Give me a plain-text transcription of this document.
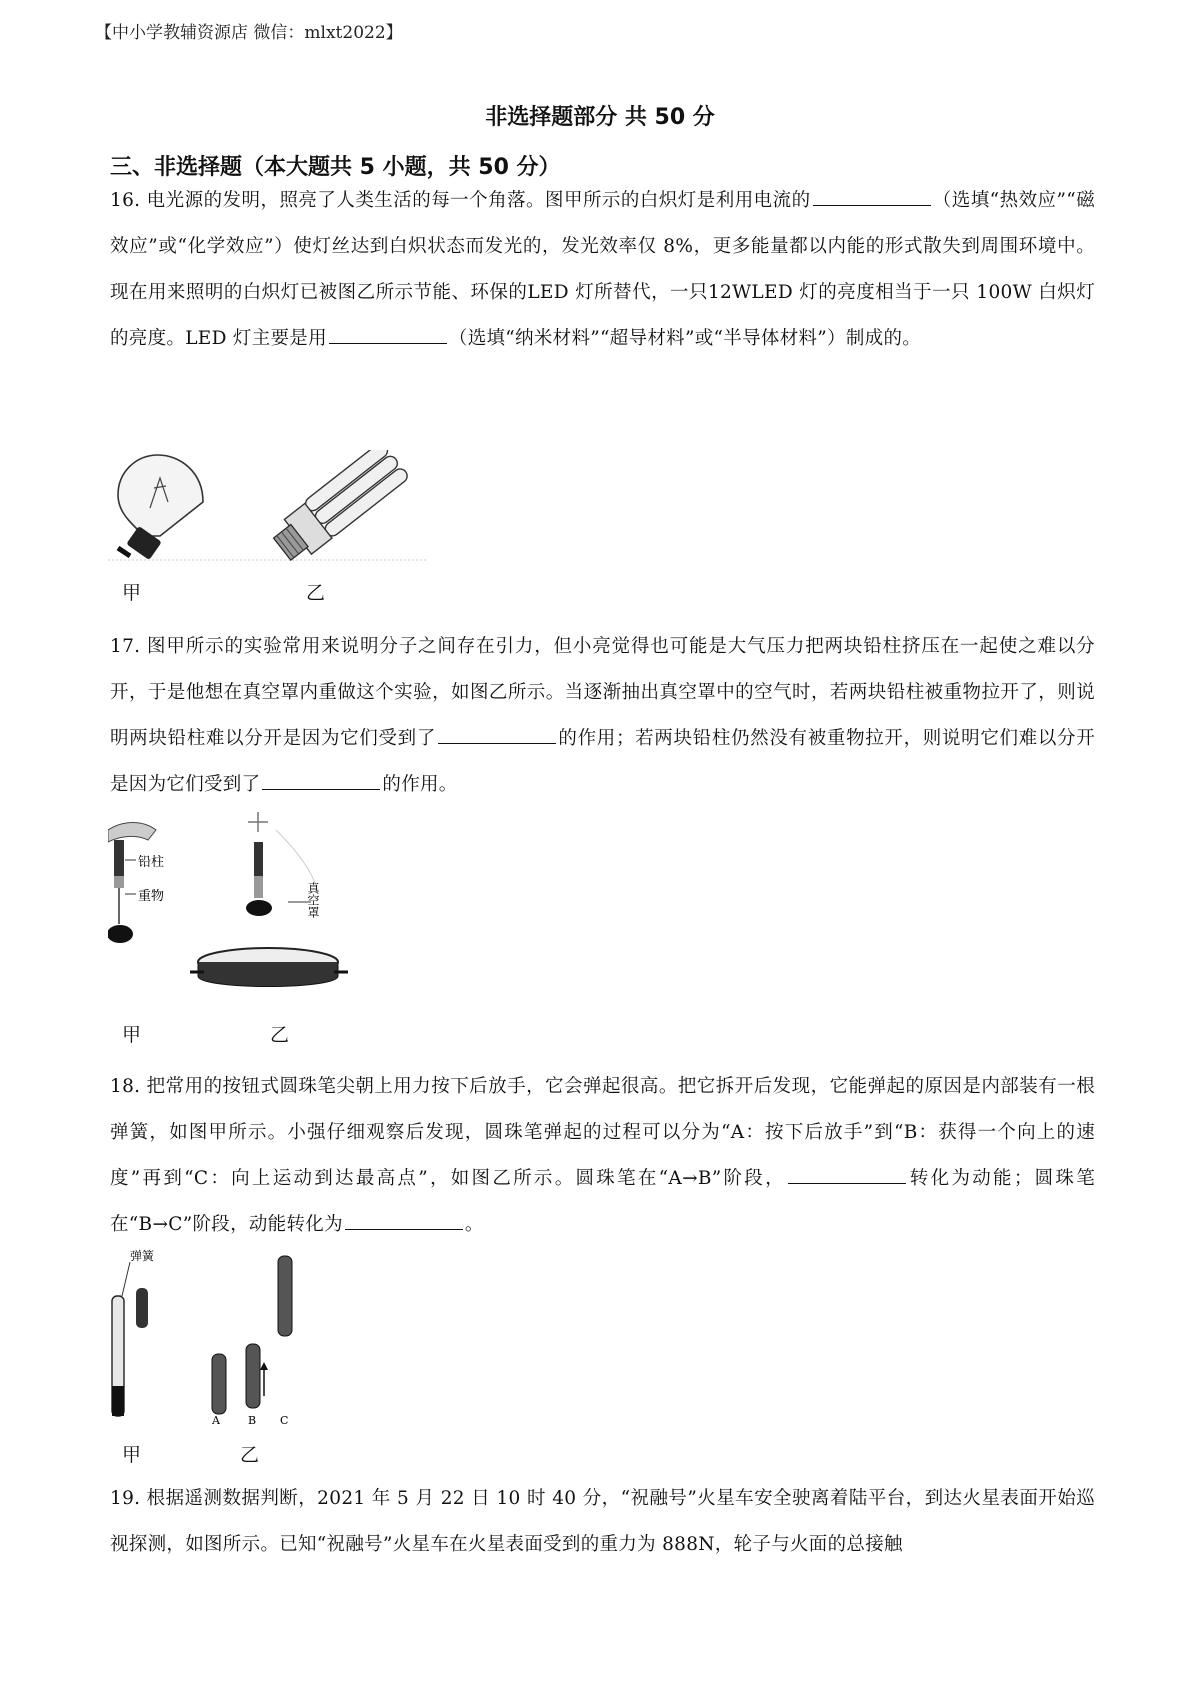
【中小学教辅资源店 微信：mlxt2022】
非选择题部分 共 50 分
三、非选择题（本大题共 5 小题，共 50 分）
16. 电光源的发明，照亮了人类生活的每一个角落。图甲所示的白炽灯是利用电流的	（选填“热效应”“磁效应”或“化学效应”）使灯丝达到白炽状态而发光的，发光效率仅 8%，更多能量都以内能的形式散失到周围环境中。现在用来照明的白炽灯已被图乙所示节能、环保的LED 灯所替代，一只12WLED 灯的亮度相当于一只 100W 白炽灯的亮度。LED 灯主要是用	（选填“纳米材料”“超导材料”或“半导体材料”）制成的。
甲	乙
17. 图甲所示的实验常用来说明分子之间存在引力，但小亮觉得也可能是大气压力把两块铅柱挤压在一起使之难以分开，于是他想在真空罩内重做这个实验，如图乙所示。当逐渐抽出真空罩中的空气时，若两块铅柱被重物拉开了，则说明两块铅柱难以分开是因为它们受到了	的作用；若两块铅柱仍然没有被重物拉开，则说明它们难以分开是因为它们受到了	的作用。
铅柱
重物	真空罩
甲	乙
18. 把常用的按钮式圆珠笔尖朝上用力按下后放手，它会弹起很高。把它拆开后发现，它能弹起的原因是内部装有一根弹簧，如图甲所示。小强仔细观察后发现，圆珠笔弹起的过程可以分为“A：按下后放手”到“B：获得一个向上的速度”再到“C：向上运动到达最高点”，如图乙所示。圆珠笔在“A→B”阶段，	转化为动能；圆珠笔在“B→C”阶段，动能转化为	。
弹簧
A	B C
甲	乙
19. 根据遥测数据判断，2021 年 5 月 22 日 10 时 40 分，“祝融号”火星车安全驶离着陆平台，到达火星表面开始巡视探测，如图所示。已知“祝融号”火星车在火星表面受到的重力为 888N，轮子与火面的总接触
